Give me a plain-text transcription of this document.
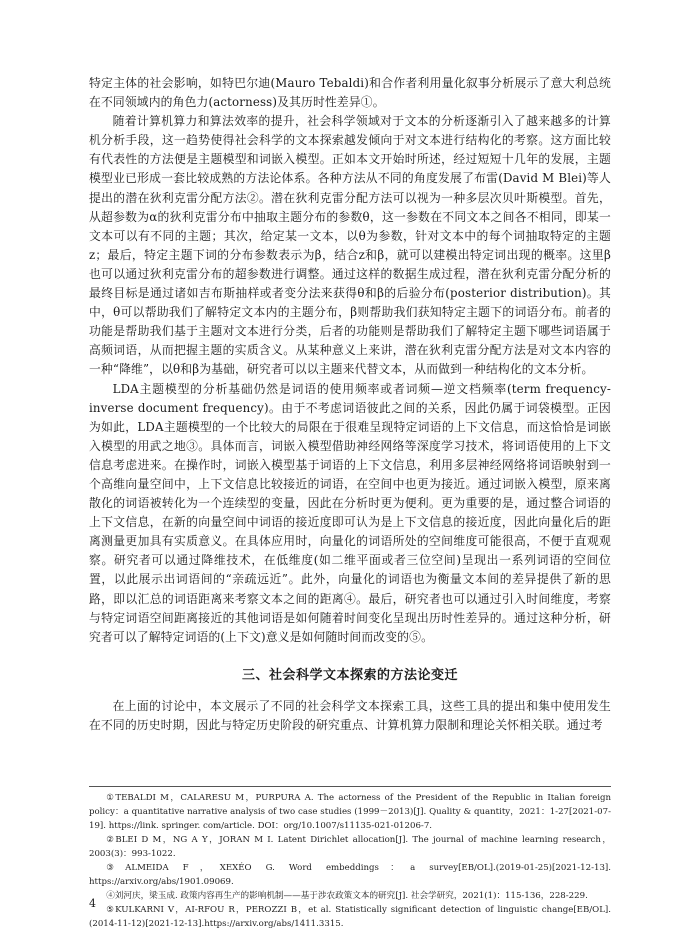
特定主体的社会影响，如特巴尔迪(Mauro Tebaldi)和合作者利用量化叙事分析展示了意大利总统在不同领域内的角色力(actorness)及其历时性差异①。

随着计算机算力和算法效率的提升，社会科学领域对于文本的分析逐渐引入了越来越多的计算机分析手段，这一趋势使得社会科学的文本探索越发倾向于对文本进行结构化的考察。这方面比较有代表性的方法便是主题模型和词嵌入模型。正如本文开始时所述，经过短短十几年的发展，主题模型业已形成一套比较成熟的方法论体系。各种方法从不同的角度发展了布雷(David M Blei)等人提出的潜在狄利克雷分配方法②。潜在狄利克雷分配方法可以视为一种多层次贝叶斯模型。首先，从超参数为α的狄利克雷分布中抽取主题分布的参数θ，这一参数在不同文本之间各不相同，即某一文本可以有不同的主题；其次，给定某一文本，以θ为参数，针对文本中的每个词抽取特定的主题z；最后，特定主题下词的分布参数表示为β，结合z和β，就可以建模出特定词出现的概率。这里β也可以通过狄利克雷分布的超参数进行调整。通过这样的数据生成过程，潜在狄利克雷分配分析的最终目标是通过诸如吉布斯抽样或者变分法来获得θ和β的后验分布(posterior distribution)。其中，θ可以帮助我们了解特定文本内的主题分布，β则帮助我们获知特定主题下的词语分布。前者的功能是帮助我们基于主题对文本进行分类，后者的功能则是帮助我们了解特定主题下哪些词语属于高频词语，从而把握主题的实质含义。从某种意义上来讲，潜在狄利克雷分配方法是对文本内容的一种“降维”，以θ和β为基础，研究者可以以主题来代替文本，从而做到一种结构化的文本分析。

LDA主题模型的分析基础仍然是词语的使用频率或者词频—逆文档频率(term frequency-inverse document frequency)。由于不考虑词语彼此之间的关系，因此仍属于词袋模型。正因为如此，LDA主题模型的一个比较大的局限在于很难呈现特定词语的上下文信息，而这恰恰是词嵌入模型的用武之地③。具体而言，词嵌入模型借助神经网络等深度学习技术，将词语使用的上下文信息考虑进来。在操作时，词嵌入模型基于词语的上下文信息，利用多层神经网络将词语映射到一个高维向量空间中，上下文信息比较接近的词语，在空间中也更为接近。通过词嵌入模型，原来离散化的词语被转化为一个连续型的变量，因此在分析时更为便利。更为重要的是，通过整合词语的上下文信息，在新的向量空间中词语的接近度即可认为是上下文信息的接近度，因此向量化后的距离测量更加具有实质意义。在具体应用时，向量化的词语所处的空间维度可能很高，不便于直观观察。研究者可以通过降维技术，在低维度(如二维平面或者三位空间)呈现出一系列词语的空间位置，以此展示出词语间的“亲疏远近”。此外，向量化的词语也为衡量文本间的差异提供了新的思路，即以汇总的词语距离来考察文本之间的距离④。最后，研究者也可以通过引入时间维度，考察与特定词语空间距离接近的其他词语是如何随着时间变化呈现出历时性差异的。通过这种分析，研究者可以了解特定词语的(上下文)意义是如何随时间而改变的⑤。

三、社会科学文本探索的方法论变迁

在上面的讨论中，本文展示了不同的社会科学文本探索工具，这些工具的提出和集中使用发生在不同的历史时期，因此与特定历史阶段的研究重点、计算机算力限制和理论关怀相关联。通过考

①TEBALDI M，CALARESU M，PURPURA A. The actorness of the President of the Republic in Italian foreign policy：a quantitative narrative analysis of two case studies (1999－2013)[J]. Quality & quantity，2021：1-27[2021-07-19]. https://link. springer. com/article. DOI：org/10.1007/s11135-021-01206-7.

②BLEI D M，NG A Y，JORAN M I. Latent Dirichlet allocation[J]. The journal of machine learning research，2003(3)：993-1022.

③ALMEIDA F，XEXÉO G. Word embeddings：a survey[EB/OL].(2019-01-25)[2021-12-13]. https://arxiv.org/abs/1901.09069.

④刘河庆，梁玉成. 政策内容再生产的影响机制——基于涉农政策文本的研究[J]. 社会学研究，2021(1)：115-136，228-229.

⑤KULKARNI V，AI-RFOU R，PEROZZI B，et al. Statistically significant detection of linguistic change[EB/OL].(2014-11-12)[2021-12-13].https://arxiv.org/abs/1411.3315.

4
